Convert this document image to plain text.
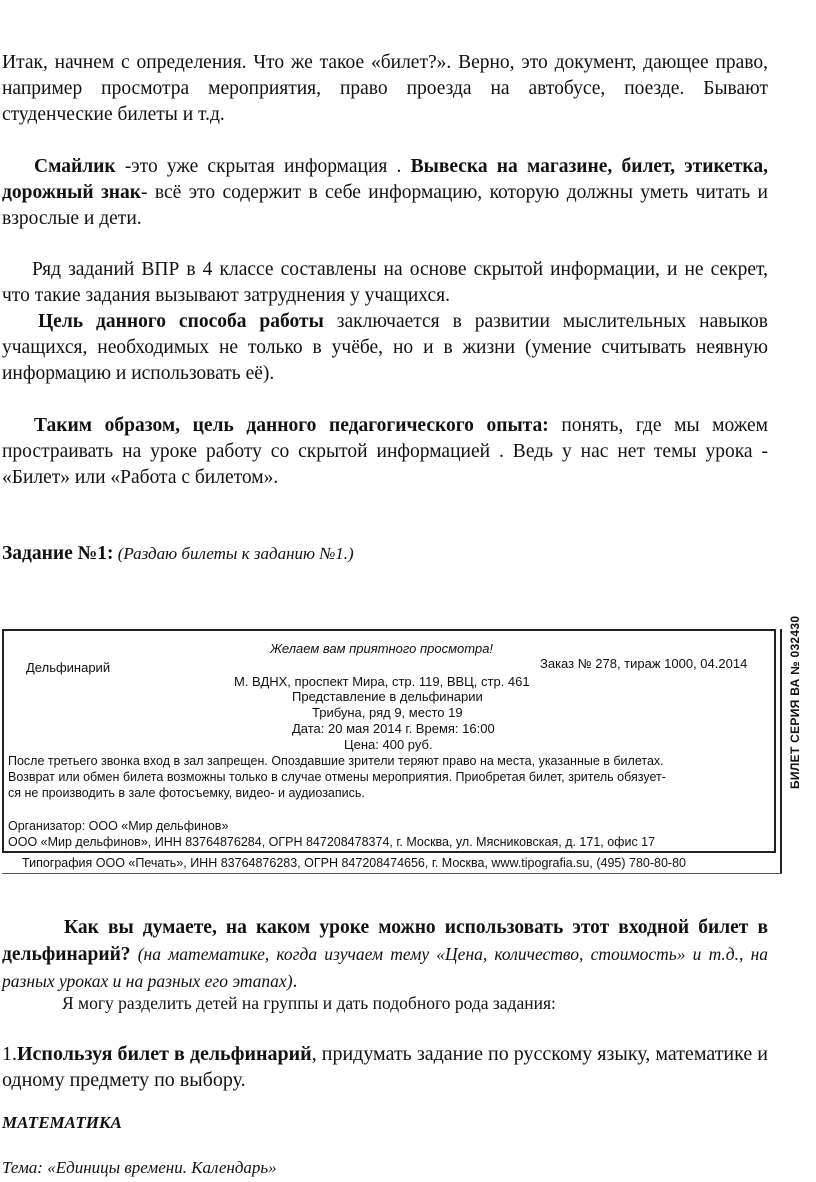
Итак, начнем с определения. Что же такое «билет?». Верно, это документ, дающее право, например просмотра мероприятия, право проезда на автобусе, поезде. Бывают студенческие билеты и т.д.

Смайлик -это уже скрытая информация . Вывеска на магазине, билет, этикетка, дорожный знак- всё это содержит в себе информацию, которую должны уметь читать и взрослые и дети.

Ряд заданий ВПР в 4 классе составлены на основе скрытой информации, и не секрет, что такие задания вызывают затруднения у учащихся.

Цель данного способа работы заключается в развитии мыслительных навыков учащихся, необходимых не только в учёбе, но и в жизни (умение считывать неявную информацию и использовать её).

Таким образом, цель данного педагогического опыта: понять, где мы можем простраивать на уроке работу со скрытой информацией . Ведь у нас нет темы урока - «Билет» или «Работа с билетом».

Задание №1: (Раздаю билеты к заданию №1.)

Желаем вам приятного просмотра!
Дельфинарий	Заказ № 278, тираж 1000, 04.2014
М. ВДНХ, проспект Мира, стр. 119, ВВЦ, стр. 461
Представление в дельфинарии
Трибуна, ряд 9, место 19
Дата: 20 мая 2014 г. Время: 16:00
Цена: 400 руб.
После третьего звонка вход в зал запрещен. Опоздавшие зрители теряют право на места, указанные в билетах.
Возврат или обмен билета возможны только в случае отмены мероприятия. Приобретая билет, зритель обязует-
ся не производить в зале фотосъемку, видео- и аудиозапись.
Организатор: ООО «Мир дельфинов»
ООО «Мир дельфинов», ИНН 83764876284, ОГРН 847208478374, г. Москва, ул. Мясниковская, д. 171, офис 17
Типография ООО «Печать», ИНН 83764876283, ОГРН 847208474656, г. Москва, www.tipografia.su, (495) 780-80-80
БИЛЕТ СЕРИЯ ВА № 032430

Как вы думаете, на каком уроке можно использовать этот входной билет в дельфинарий? (на математике, когда изучаем тему «Цена, количество, стоимость» и т.д., на разных уроках и на разных его этапах).

Я могу разделить детей на группы и дать подобного рода задания:

1.Используя билет в дельфинарий, придумать задание по русскому языку, математике и одному предмету по выбору.

МАТЕМАТИКА

Тема: «Единицы времени. Календарь»
